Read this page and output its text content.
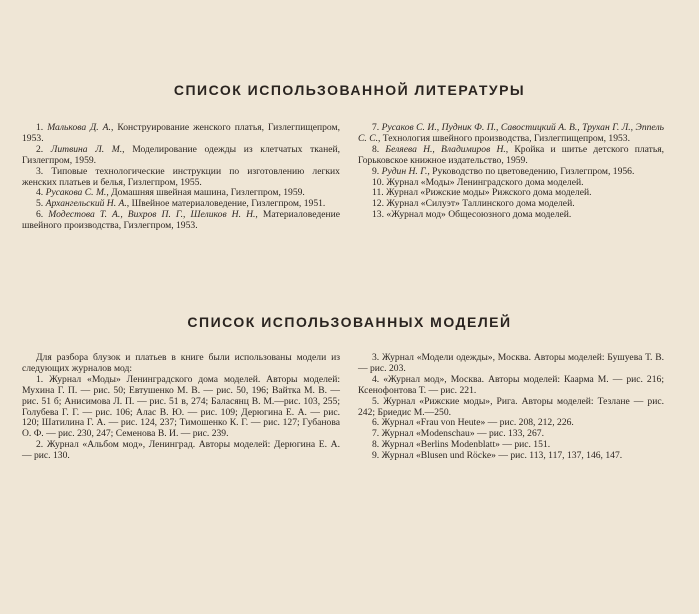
СПИСОК ИСПОЛЬЗОВАННОЙ ЛИТЕРАТУРЫ

1. Малькова Д. А., Конструирование женского платья, Гизлегпищепром, 1953.

2. Литвина Л. М., Моделирование одежды из клетчатых тканей, Гизлегпром, 1959.

3. Типовые технологические инструкции по изготовлению легких женских платьев и белья, Гизлегпром, 1955.

4. Русакова С. М., Домашняя швейная машина, Гизлегпром, 1959.

5. Архангельский Н. А., Швейное материаловедение, Гизлегпром, 1951.

6. Модестова Т. А., Вихров П. Г., Шеликов Н. Н., Материаловедение швейного производства, Гизлегпром, 1953.

7. Русаков С. И., Пудник Ф. П., Савостицкий А. В., Трухан Г. Л., Эппель С. С., Технология швейного производства, Гизлегпищепром, 1953.

8. Беляева Н., Владимиров Н., Кройка и шитье детского платья, Горьковское книжное издательство, 1959.

9. Рудин Н. Г., Руководство по цветоведению, Гизлегпром, 1956.

10. Журнал «Моды» Ленинградского дома моделей.

11. Журнал «Рижские моды» Рижского дома моделей.

12. Журнал «Силуэт» Таллинского дома моделей.

13. «Журнал мод» Общесоюзного дома моделей.

СПИСОК ИСПОЛЬЗОВАННЫХ МОДЕЛЕЙ

Для разбора блузок и платьев в книге были использованы модели из следующих журналов мод:

1. Журнал «Моды» Ленинградского дома моделей. Авторы моделей: Мухина Г. П. — рис. 50; Евтушенко М. В. — рис. 50, 196; Вайтка М. В. — рис. 51 б; Анисимова Л. П. — рис. 51 в, 274; Баласянц В. М.—рис. 103, 255; Голубева Г. Г. — рис. 106; Алас В. Ю. — рис. 109; Дерюгина Е. А. — рис. 120; Шатилина Г. А. — рис. 124, 237; Тимошенко К. Г. — рис. 127; Губанова О. Ф. — рис. 230, 247; Семенова В. И. — рис. 239.

2. Журнал «Альбом мод», Ленинград. Авторы моделей: Дерюгина Е. А. — рис. 130.

3. Журнал «Модели одежды», Москва. Авторы моделей: Бушуева Т. В. — рис. 203.

4. «Журнал мод», Москва. Авторы моделей: Каарма М. — рис. 216; Ксенофонтова Т. — рис. 221.

5. Журнал «Рижские моды», Рига. Авторы моделей: Тезлане — рис. 242; Бриедис М.—250.

6. Журнал «Frau von Heute» — рис. 208, 212, 226.

7. Журнал «Modenschau» — рис. 133, 267.

8. Журнал «Berlins Modenblatt» — рис. 151.

9. Журнал «Blusen und Röcke» — рис. 113, 117, 137, 146, 147.
